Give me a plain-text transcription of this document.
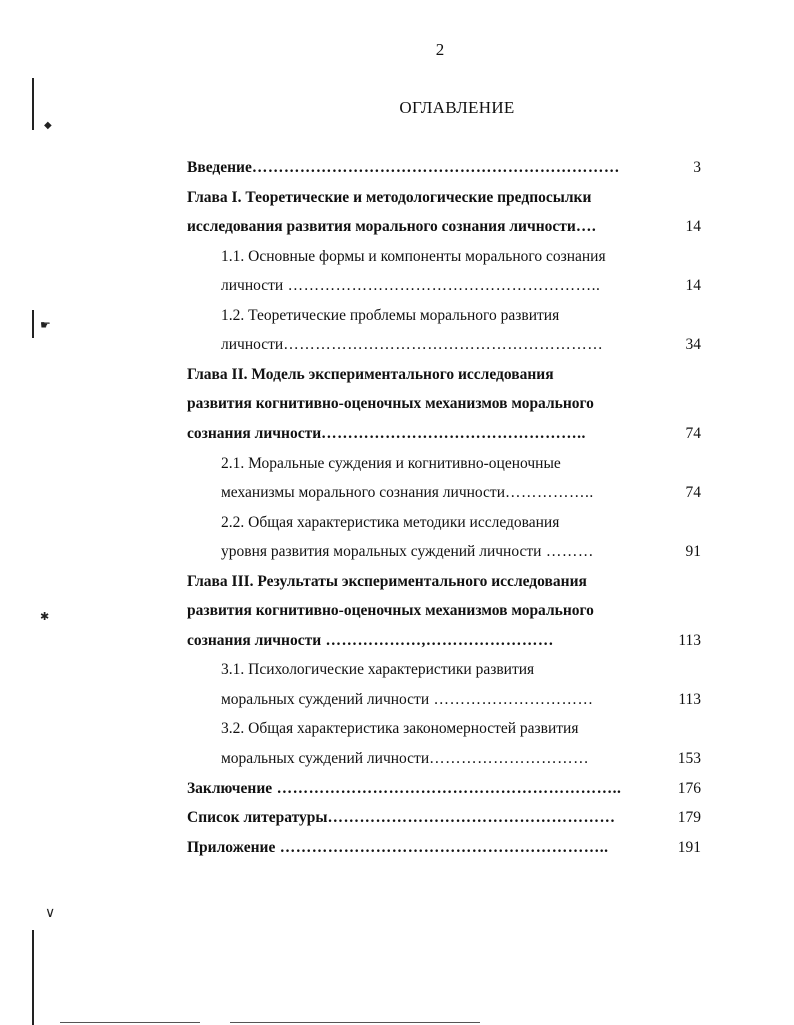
◆
☛
✱
∨
2
ОГЛАВЛЕНИЕ
Введение……………………………………………………………	3
Глава I. Теоретические и методологические предпосылки
исследования развития морального сознания личности….	14
1.1. Основные формы и компоненты морального сознания
личности …………………………………………………..	14
1.2. Теоретические проблемы морального развития
личности……………………………………………………	34
Глава II. Модель экспериментального исследования
развития когнитивно-оценочных механизмов морального
сознания личности…………………………………………..	74
2.1. Моральные суждения и когнитивно-оценочные
механизмы морального сознания личности……………..	74
2.2. Общая характеристика методики исследования
уровня развития моральных суждений личности ………	91
Глава III. Результаты экспериментального исследования
развития когнитивно-оценочных механизмов морального
сознания личности ………………,……………………	113
3.1. Психологические характеристики развития
моральных суждений личности …………………………	113
3.2. Общая характеристика закономерностей развития
моральных суждений личности…………………………	153
Заключение ………………………………………………………..	176
Список литературы………………………………………………	179
Приложение ……………………………………………………..	191
